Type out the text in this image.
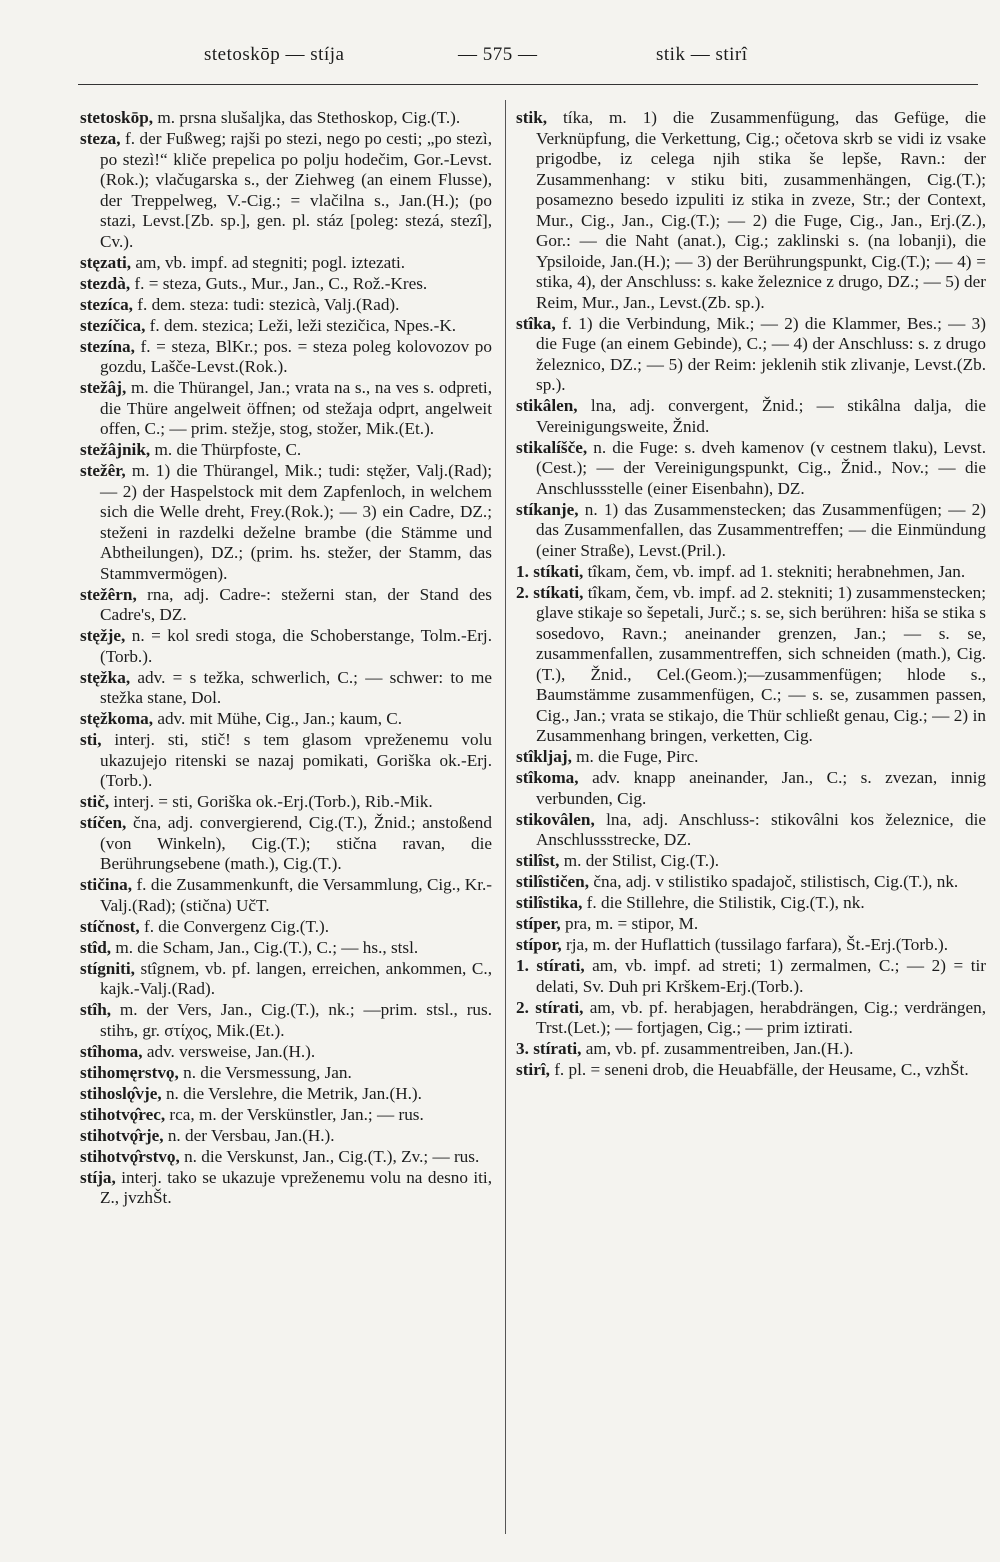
stetoskōp — stíja	— 575 —	stik — stirî

stetoskōp, m. prsna slušaljka, das Stethoskop, Cig.(T.).

steza, f. der Fußweg; rajši po stezi, nego po cesti; „po stezì, po stezì!“ kliče prepelica po polju hodečim, Gor.-Levst.(Rok.); vlačugarska s., der Ziehweg (an einem Flusse), der Treppelweg, V.-Cig.; = vlačilna s., Jan.(H.); (po stazi, Levst.[Zb. sp.], gen. pl. stáz [poleg: stezá, stezî], Cv.).

stęzati, am, vb. impf. ad stegniti; pogl. iztezati.

stezdà, f. = steza, Guts., Mur., Jan., C., Rož.-Kres.

stezíca, f. dem. steza: tudi: stezicà, Valj.(Rad).

stezíčica, f. dem. stezica; Leži, leži stezičica, Npes.-K.

stezína, f. = steza, BlKr.; pos. = steza poleg kolovozov po gozdu, Lašče-Levst.(Rok.).

stežâj, m. die Thürangel, Jan.; vrata na s., na ves s. odpreti, die Thüre angelweit öffnen; od stežaja odprt, angelweit offen, C.; — prim. stežje, stog, stožer, Mik.(Et.).

stežâjnik, m. die Thürpfoste, C.

stežêr, m. 1) die Thürangel, Mik.; tudi: stęžer, Valj.(Rad); — 2) der Haspelstock mit dem Zapfenloch, in welchem sich die Welle dreht, Frey.(Rok.); — 3) ein Cadre, DZ.; steženi in razdelki deželne brambe (die Stämme und Abtheilungen), DZ.; (prim. hs. stežer, der Stamm, das Stammvermögen).

stežêrn, rna, adj. Cadre-: stežerni stan, der Stand des Cadre's, DZ.

stęžje, n. = kol sredi stoga, die Schoberstange, Tolm.-Erj.(Torb.).

stęžka, adv. = s težka, schwerlich, C.; — schwer: to me stežka stane, Dol.

stęžkoma, adv. mit Mühe, Cig., Jan.; kaum, C.

sti, interj. sti, stič! s tem glasom vpreženemu volu ukazujejo ritenski se nazaj pomikati, Goriška ok.-Erj.(Torb.).

stič, interj. = sti, Goriška ok.-Erj.(Torb.), Rib.-Mik.

stíčen, čna, adj. convergierend, Cig.(T.), Žnid.; anstoßend (von Winkeln), Cig.(T.); stična ravan, die Berührungsebene (math.), Cig.(T.).

stičina, f. die Zusammenkunft, die Versammlung, Cig., Kr.-Valj.(Rad); (stična) UčT.

stíčnost, f. die Convergenz Cig.(T.).

stîd, m. die Scham, Jan., Cig.(T.), C.; — hs., stsl.

stígniti, stîgnem, vb. pf. langen, erreichen, ankommen, C., kajk.-Valj.(Rad).

stîh, m. der Vers, Jan., Cig.(T.), nk.; —prim. stsl., rus. stihъ, gr. στίχος, Mik.(Et.).

stîhoma, adv. versweise, Jan.(H.).

stihomęrstvǫ, n. die Versmessung, Jan.

stihoslǫ̂vje, n. die Verslehre, die Metrik, Jan.(H.).

stihotvǫ̂rec, rca, m. der Verskünstler, Jan.; — rus.

stihotvǫ̂rje, n. der Versbau, Jan.(H.).

stihotvǫ̂rstvǫ, n. die Verskunst, Jan., Cig.(T.), Zv.; — rus.

stíja, interj. tako se ukazuje vpreženemu volu na desno iti, Z., jvzhŠt.

stik, tíka, m. 1) die Zusammenfügung, das Gefüge, die Verknüpfung, die Verkettung, Cig.; očetova skrb se vidi iz vsake prigodbe, iz celega njih stika še lepše, Ravn.: der Zusammenhang: v stiku biti, zusammenhängen, Cig.(T.); posamezno besedo izpuliti iz stika in zveze, Str.; der Context, Mur., Cig., Jan., Cig.(T.); — 2) die Fuge, Cig., Jan., Erj.(Z.), Gor.: — die Naht (anat.), Cig.; zaklinski s. (na lobanji), die Ypsiloide, Jan.(H.); — 3) der Berührungspunkt, Cig.(T.); — 4) = stika, 4), der Anschluss: s. kake železnice z drugo, DZ.; — 5) der Reim, Mur., Jan., Levst.(Zb. sp.).

stîka, f. 1) die Verbindung, Mik.; — 2) die Klammer, Bes.; — 3) die Fuge (an einem Gebinde), C.; — 4) der Anschluss: s. z drugo železnico, DZ.; — 5) der Reim: jeklenih stik zlivanje, Levst.(Zb. sp.).

stikâlen, lna, adj. convergent, Žnid.; — stikâlna dalja, die Vereinigungsweite, Žnid.

stikalíšče, n. die Fuge: s. dveh kamenov (v cestnem tlaku), Levst.(Cest.); — der Vereinigungspunkt, Cig., Žnid., Nov.; — die Anschlussstelle (einer Eisenbahn), DZ.

stíkanje, n. 1) das Zusammenstecken; das Zusammenfügen; — 2) das Zusammenfallen, das Zusammentreffen; — die Einmündung (einer Straße), Levst.(Pril.).

1. stíkati, tîkam, čem, vb. impf. ad 1. stekniti; herabnehmen, Jan.

2. stíkati, tîkam, čem, vb. impf. ad 2. stekniti; 1) zusammenstecken; glave stikaje so šepetali, Jurč.; s. se, sich berühren: hiša se stika s sosedovo, Ravn.; aneinander grenzen, Jan.; — s. se, zusammenfallen, zusammentreffen, sich schneiden (math.), Cig.(T.), Žnid., Cel.(Geom.);—zusammenfügen; hlode s., Baumstämme zusammenfügen, C.; — s. se, zusammen passen, Cig., Jan.; vrata se stikajo, die Thür schließt genau, Cig.; — 2) in Zusammenhang bringen, verketten, Cig.

stîkljaj, m. die Fuge, Pirc.

stîkoma, adv. knapp aneinander, Jan., C.; s. zvezan, innig verbunden, Cig.

stikovâlen, lna, adj. Anschluss-: stikovâlni kos železnice, die Anschlussstrecke, DZ.

stilîst, m. der Stilist, Cig.(T.).

stilîstičen, čna, adj. v stilistiko spadajoč, stilistisch, Cig.(T.), nk.

stilîstika, f. die Stillehre, die Stilistik, Cig.(T.), nk.

stíper, pra, m. = stipor, M.

stípor, rja, m. der Huflattich (tussilago farfara), Št.-Erj.(Torb.).

1. stírati, am, vb. impf. ad streti; 1) zermalmen, C.; — 2) = tir delati, Sv. Duh pri Krškem-Erj.(Torb.).

2. stírati, am, vb. pf. herabjagen, herabdrängen, Cig.; verdrängen, Trst.(Let.); — fortjagen, Cig.; — prim iztirati.

3. stírati, am, vb. pf. zusammentreiben, Jan.(H.).

stirî, f. pl. = seneni drob, die Heuabfälle, der Heusame, C., vzhŠt.
